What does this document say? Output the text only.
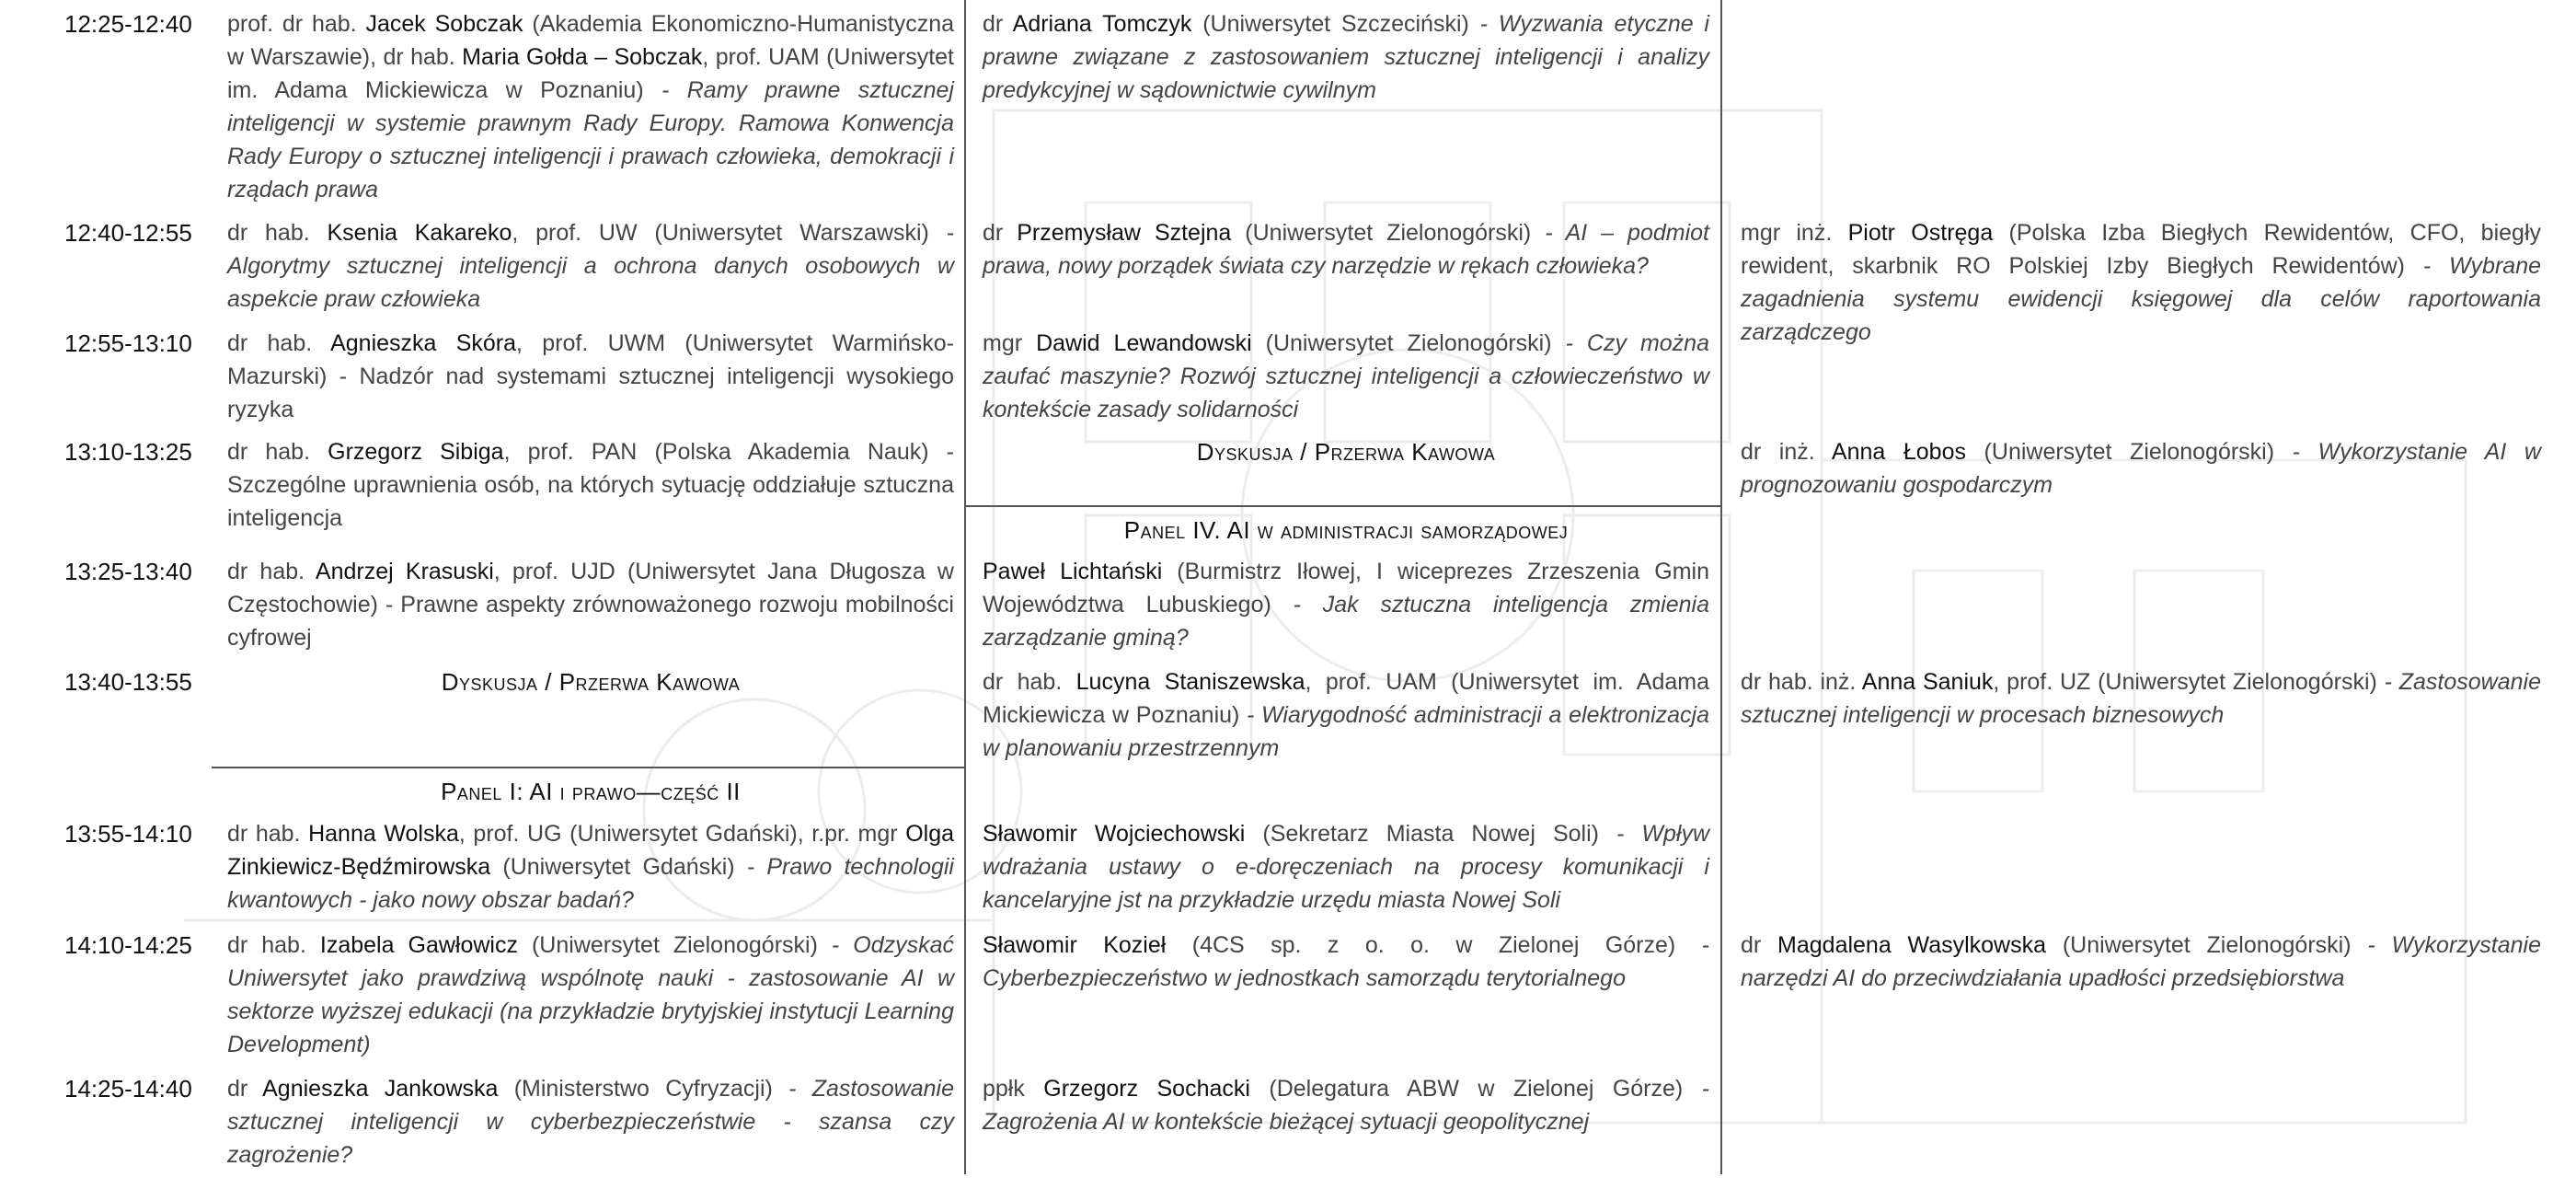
12:25-12:40
12:40-12:55
12:55-13:10
13:10-13:25
13:25-13:40
13:40-13:55
13:55-14:10
14:10-14:25
14:25-14:40
prof. dr hab. Jacek Sobczak (Akademia Ekonomiczno-Humanistyczna w Warszawie), dr hab. Maria Gołda – Sobczak, prof. UAM (Uniwersytet im. Adama Mickiewicza w Poznaniu) - Ramy prawne sztucznej inteligencji w systemie prawnym Rady Europy. Ramowa Konwencja Rady Europy o sztucznej inteligencji i prawach człowieka, demokracji i rządach prawa
dr hab. Ksenia Kakareko, prof. UW (Uniwersytet Warszawski) - Algorytmy sztucznej inteligencji a ochrona danych osobowych w aspekcie praw człowieka
dr hab. Agnieszka Skóra, prof. UWM (Uniwersytet Warmińsko-Mazurski) - Nadzór nad systemami sztucznej inteligencji wysokiego ryzyka
dr hab. Grzegorz Sibiga, prof. PAN (Polska Akademia Nauk) - Szczególne uprawnienia osób, na których sytuację oddziałuje sztuczna inteligencja
dr hab. Andrzej Krasuski, prof. UJD (Uniwersytet Jana Długosza w Częstochowie) - Prawne aspekty zrównoważonego rozwoju mobilności cyfrowej
Dyskusja / Przerwa Kawowa
Panel I: AI i prawo—część II
dr hab. Hanna Wolska, prof. UG (Uniwersytet Gdański), r.pr. mgr Olga Zinkiewicz-Będźmirowska (Uniwersytet Gdański) - Prawo technologii kwantowych - jako nowy obszar badań?
dr hab. Izabela Gawłowicz (Uniwersytet Zielonogórski) - Odzyskać Uniwersytet jako prawdziwą wspólnotę nauki - zastosowanie AI w sektorze wyższej edukacji (na przykładzie brytyjskiej instytucji Learning Development)
dr Agnieszka Jankowska (Ministerstwo Cyfryzacji) - Zastosowanie sztucznej inteligencji w cyberbezpieczeństwie - szansa czy zagrożenie?
dr Adriana Tomczyk (Uniwersytet Szczeciński) - Wyzwania etyczne i prawne związane z zastosowaniem sztucznej inteligencji i analizy predykcyjnej w sądownictwie cywilnym
dr Przemysław Sztejna (Uniwersytet Zielonogórski) - AI – podmiot prawa, nowy porządek świata czy narzędzie w rękach człowieka?
mgr Dawid Lewandowski (Uniwersytet Zielonogórski) - Czy można zaufać maszynie? Rozwój sztucznej inteligencji a człowieczeństwo w kontekście zasady solidarności
Dyskusja / Przerwa Kawowa
Panel IV. AI w administracji samorządowej
Paweł Lichtański (Burmistrz Iłowej, I wiceprezes Zrzeszenia Gmin Województwa Lubuskiego) - Jak sztuczna inteligencja zmienia zarządzanie gminą?
dr hab. Lucyna Staniszewska, prof. UAM (Uniwersytet im. Adama Mickiewicza w Poznaniu) - Wiarygodność administracji a elektronizacja w planowaniu przestrzennym
Sławomir Wojciechowski (Sekretarz Miasta Nowej Soli) - Wpływ wdrażania ustawy o e-doręczeniach na procesy komunikacji i kancelaryjne jst na przykładzie urzędu miasta Nowej Soli
Sławomir Kozieł (4CS sp. z o. o. w Zielonej Górze) - Cyberbezpieczeństwo w jednostkach samorządu terytorialnego
ppłk Grzegorz Sochacki (Delegatura ABW w Zielonej Górze) - Zagrożenia AI w kontekście bieżącej sytuacji geopolitycznej
mgr inż. Piotr Ostręga (Polska Izba Biegłych Rewidentów, CFO, biegły rewident, skarbnik RO Polskiej Izby Biegłych Rewidentów) - Wybrane zagadnienia systemu ewidencji księgowej dla celów raportowania zarządczego
dr inż. Anna Łobos (Uniwersytet Zielonogórski) - Wykorzystanie AI w prognozowaniu gospodarczym
dr hab. inż. Anna Saniuk, prof. UZ (Uniwersytet Zielonogórski) - Zastosowanie sztucznej inteligencji w procesach biznesowych
dr Magdalena Wasylkowska (Uniwersytet Zielonogórski) - Wykorzystanie narzędzi AI do przeciwdziałania upadłości przedsiębiorstwa
